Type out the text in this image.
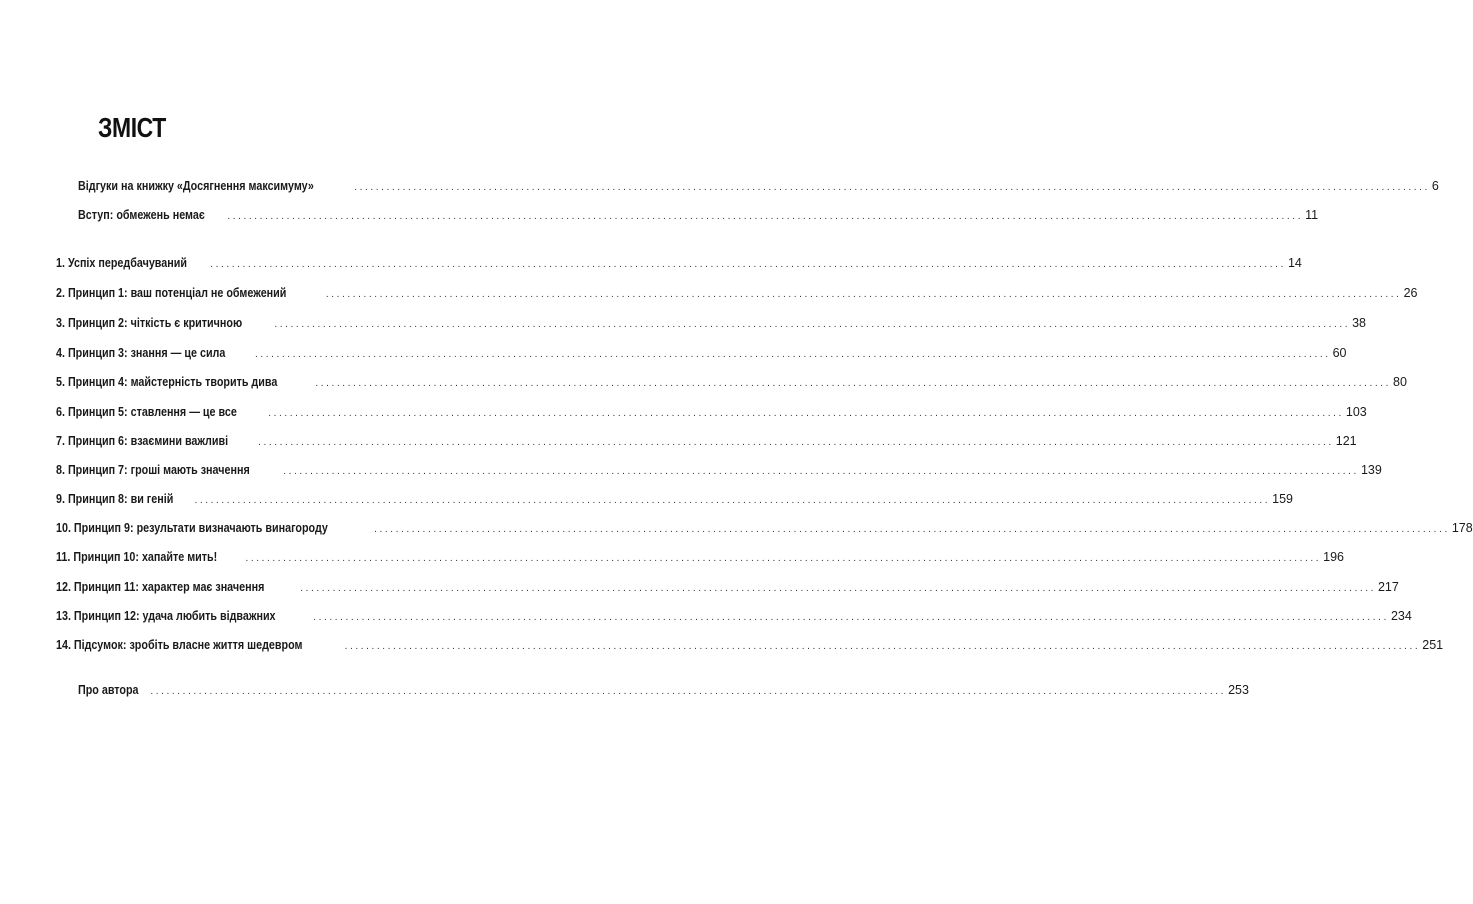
ЗМІСТ
Відгуки на книжку «Досягнення максимуму»	........................................................................................................................................................................................................ 6
Вступ: обмежень немає ........................................................................................................................................................................................................ 11
1. Успіх передбачуваний ........................................................................................................................................................................................................ 14
2. Принцип 1: ваш потенціал не обмежений	........................................................................................................................................................................................................ 26
3. Принцип 2: чіткість є критичною	........................................................................................................................................................................................................ 38
4. Принцип 3: знання — це сила	........................................................................................................................................................................................................ 60
5. Принцип 4: майстерність творить дива	........................................................................................................................................................................................................ 80
6. Принцип 5: ставлення — це все	........................................................................................................................................................................................................ 103
7. Принцип 6: взаємини важливі	........................................................................................................................................................................................................ 121
8. Принцип 7: гроші мають значення	........................................................................................................................................................................................................ 139
9. Принцип 8: ви геній ........................................................................................................................................................................................................ 159
10. Принцип 9: результати визначають винагороду	........................................................................................................................................................................................................ 178
11. Принцип 10: хапайте мить!	........................................................................................................................................................................................................ 196
12. Принцип 11: характер має значення	........................................................................................................................................................................................................ 217
13. Принцип 12: удача любить відважних	........................................................................................................................................................................................................ 234
14. Підсумок: зробіть власне життя шедевром	........................................................................................................................................................................................................ 251
Про автора ........................................................................................................................................................................................................ 253
